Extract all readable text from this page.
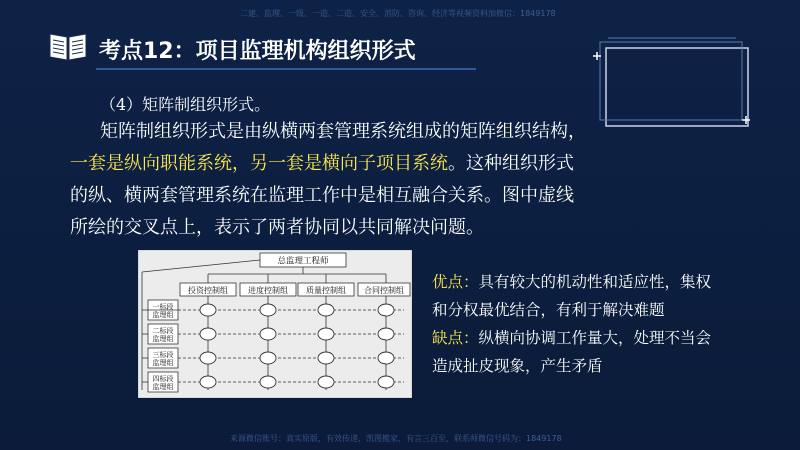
二建、监理、一级、一造、二造、安全、消防、咨询、经济等视频资料加微信：1849178
考点12：项目监理机构组织形式
（4）矩阵制组织形式。
矩阵制组织形式是由纵横两套管理系统组成的矩阵组织结构，一套是纵向职能系统，另一套是横向子项目系统。这种组织形式的纵、横两套管理系统在监理工作中是相互融合关系。图中虚线所绘的交叉点上，表示了两者协同以共同解决问题。
总监理工程师
投资控制组	进度控制组 质量控制组 合同控制组
一标段
监理组
二标段
监理组
三标段
监理组
四标段
监理组
优点：具有较大的机动性和适应性，集权和分权最优结合，有利于解决难题
缺点：纵横向协调工作量大，处理不当会造成扯皮现象，产生矛盾
来源微信账号：真实原版，有效传递，凯图搬家，有言三百至，联系师微信号码为：1849178
